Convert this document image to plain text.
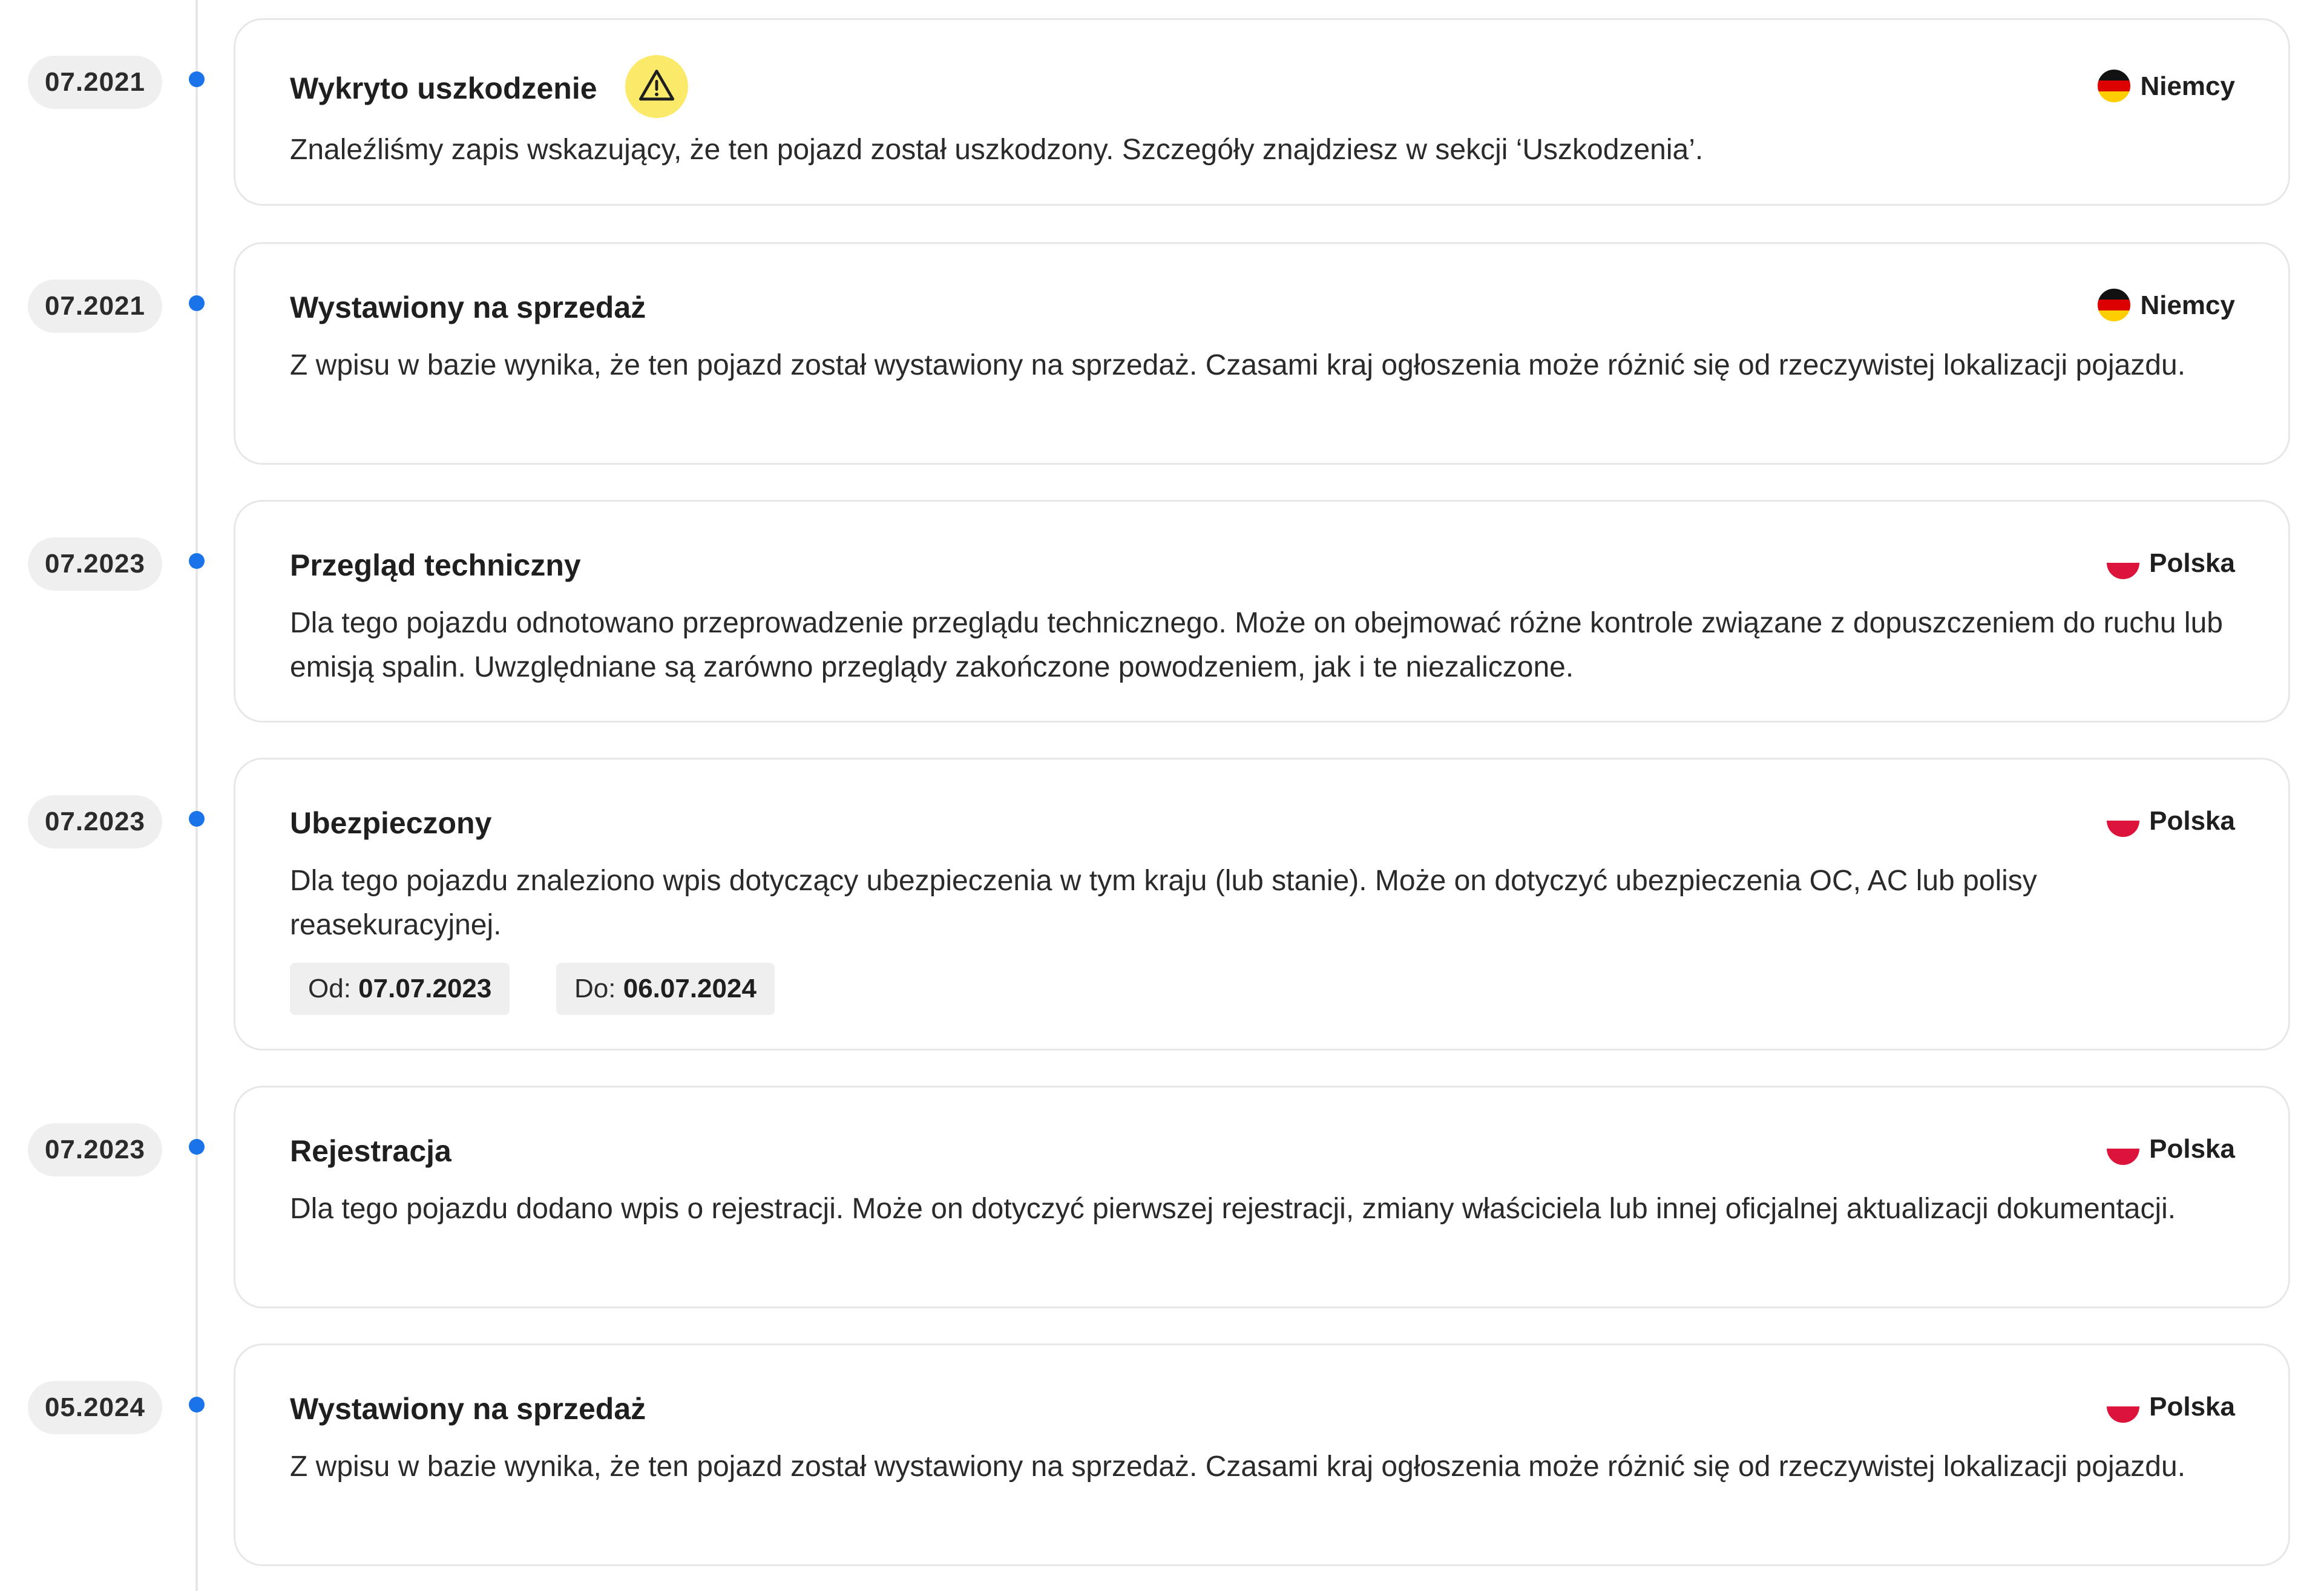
07.2021	Wykryto uszkodzenie	Niemcy
Znaleźliśmy zapis wskazujący, że ten pojazd został uszkodzony. Szczegóły znajdziesz w sekcji ‘Uszkodzenia’.
07.2021	Wystawiony na sprzedaż	Niemcy
Z wpisu w bazie wynika, że ten pojazd został wystawiony na sprzedaż. Czasami kraj ogłoszenia może różnić się od rzeczywistej lokalizacji pojazdu.
07.2023	Przegląd techniczny	Polska
Dla tego pojazdu odnotowano przeprowadzenie przeglądu technicznego. Może on obejmować różne kontrole związane z dopuszczeniem do ruchu lub emisją spalin. Uwzględniane są zarówno przeglądy zakończone powodzeniem, jak i te niezaliczone.
07.2023	Ubezpieczony	Polska
Dla tego pojazdu znaleziono wpis dotyczący ubezpieczenia w tym kraju (lub stanie). Może on dotyczyć ubezpieczenia OC, AC lub polisy reasekuracyjnej.
Od: 07.07.2023	Do: 06.07.2024
07.2023	Rejestracja	Polska
Dla tego pojazdu dodano wpis o rejestracji. Może on dotyczyć pierwszej rejestracji, zmiany właściciela lub innej oficjalnej aktualizacji dokumentacji.
05.2024	Wystawiony na sprzedaż	Polska
Z wpisu w bazie wynika, że ten pojazd został wystawiony na sprzedaż. Czasami kraj ogłoszenia może różnić się od rzeczywistej lokalizacji pojazdu.
